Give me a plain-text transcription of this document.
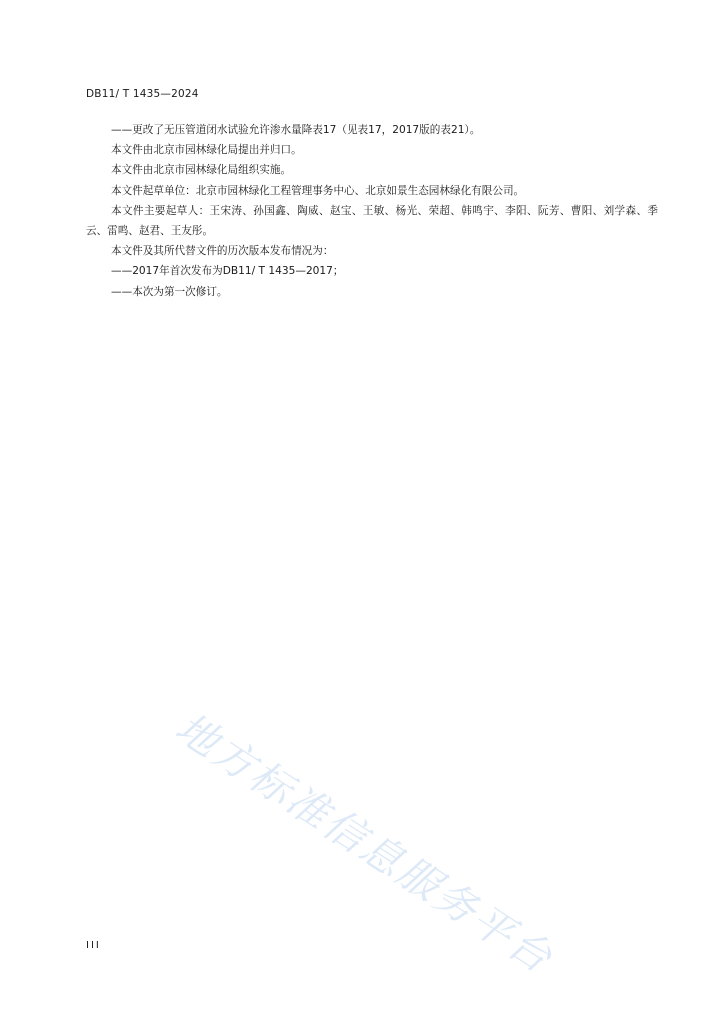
DB11/ T 1435—2024

——更改了无压管道闭水试验允许渗水量降表17（见表17，2017版的表21）。

本文件由北京市园林绿化局提出并归口。

本文件由北京市园林绿化局组织实施。

本文件起草单位：北京市园林绿化工程管理事务中心、北京如景生态园林绿化有限公司。

本文件主要起草人：王宋涛、孙国鑫、陶威、赵宝、王敏、杨光、荣超、韩鸣宇、李阳、阮芳、曹阳、刘学森、季云、雷鸣、赵君、王友彤。

本文件及其所代替文件的历次版本发布情况为：

——2017年首次发布为DB11/ T 1435—2017；

——本次为第一次修订。

地方标准信息服务平台
III
